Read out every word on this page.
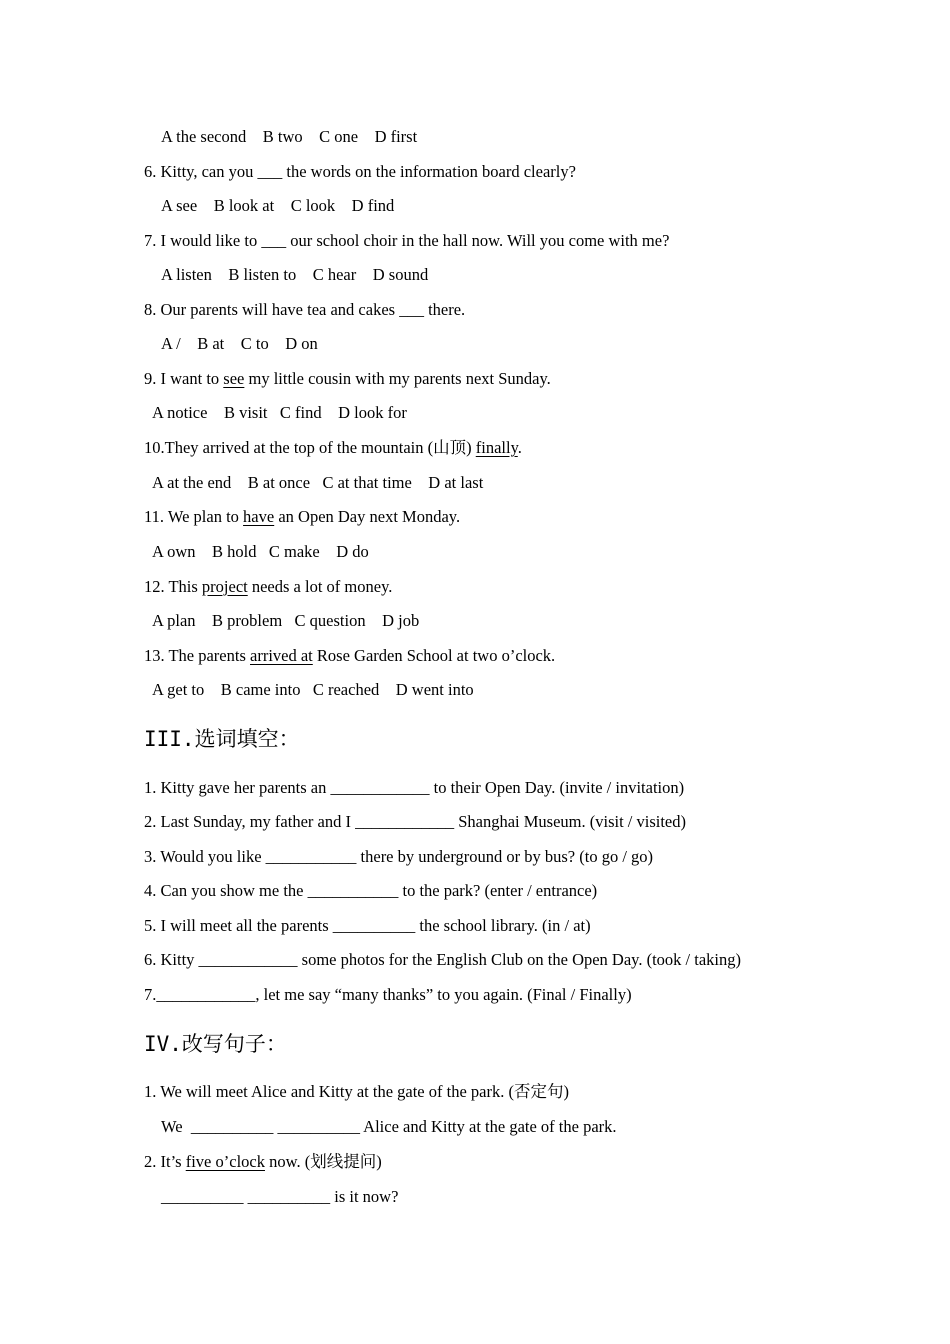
A the second    B two    C one    D first

6. Kitty, can you ___ the words on the information board clearly?

A see    B look at    C look    D find

7. I would like to ___ our school choir in the hall now. Will you come with me?

A listen    B listen to    C hear    D sound

8. Our parents will have tea and cakes ___ there.

A /    B at    C to    D on

9. I want to see my little cousin with my parents next Sunday.

A notice    B visit   C find    D look for

10.They arrived at the top of the mountain (山顶) finally.

A at the end    B at once   C at that time    D at last

11. We plan to have an Open Day next Monday.

A own    B hold   C make    D do

12. This project needs a lot of money.

A plan    B problem   C question    D job

13. The parents arrived at Rose Garden School at two o’clock.

A get to    B came into   C reached    D went into

III.选词填空：

1. Kitty gave her parents an ____________ to their Open Day. (invite / invitation)

2. Last Sunday, my father and I ____________ Shanghai Museum. (visit / visited)

3. Would you like ___________ there by underground or by bus? (to go / go)

4. Can you show me the ___________ to the park? (enter / entrance)

5. I will meet all the parents __________ the school library. (in / at)

6. Kitty ____________ some photos for the English Club on the Open Day. (took / taking)

7.____________, let me say “many thanks” to you again. (Final / Finally)

IV.改写句子：

1. We will meet Alice and Kitty at the gate of the park. (否定句)

We  __________ __________ Alice and Kitty at the gate of the park.

2. It’s five o’clock now. (划线提问)

__________ __________ is it now?
